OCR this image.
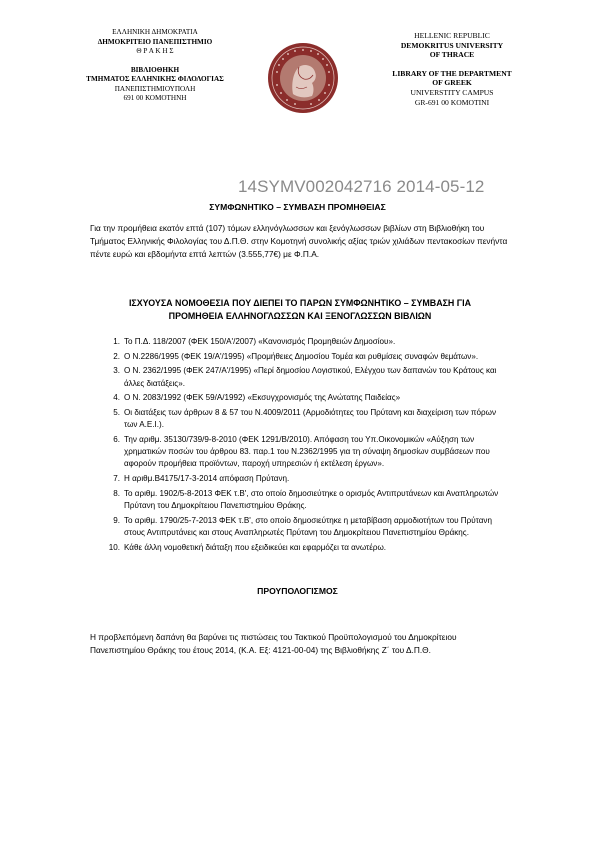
ΕΛΛΗΝΙΚΗ ΔΗΜΟΚΡΑΤΙΑ
ΔΗΜΟΚΡΙΤΕΙΟ ΠΑΝΕΠΙΣΤΗΜΙΟ
Θ Ρ Α Κ Η Σ
ΒΙΒΛΙΟΘΗΚΗ
ΤΜΗΜΑΤΟΣ ΕΛΛΗΝΙΚΗΣ ΦΙΛΟΛΟΓΙΑΣ
ΠΑΝΕΠΙΣΤΗΜΙΟΥΠΟΛΗ
691 00 ΚΟΜΟΤΗΝΗ
HELLENIC REPUBLIC
DEMOKRITUS UNIVERSITY
OF THRACE
LIBRARY OF THE DEPARTMENT
OF GREEK
UNIVERSTITY CAMPUS
GR-691 00 KOMOTINI
14SYMV002042716 2014-05-12
ΣΥΜΦΩΝΗΤΙΚΟ – ΣΥΜΒΑΣΗ ΠΡΟΜΗΘΕΙΑΣ
Για την προμήθεια εκατόν επτά (107) τόμων ελληνόγλωσσων και ξενόγλωσσων βιβλίων στη Βιβλιοθήκη του Τμήματος Ελληνικής Φιλολογίας του Δ.Π.Θ. στην Κομοτηνή συνολικής αξίας τριών χιλιάδων πεντακοσίων πενήντα πέντε ευρώ και εβδομήντα επτά λεπτών (3.555,77€) με Φ.Π.Α.
ΙΣΧΥΟΥΣΑ ΝΟΜΟΘΕΣΙΑ ΠΟΥ ΔΙΕΠΕΙ ΤΟ ΠΑΡΩΝ ΣΥΜΦΩΝΗΤΙΚΟ – ΣΥΜΒΑΣΗ ΓΙΑ ΠΡΟΜΗΘΕΙΑ ΕΛΛΗΝΟΓΛΩΣΣΩΝ ΚΑΙ ΞΕΝΟΓΛΩΣΣΩΝ ΒΙΒΛΙΩΝ
1. Το Π.Δ. 118/2007 (ΦΕΚ 150/Α'/2007) «Κανονισμός Προμηθειών Δημοσίου».
2. Ο Ν.2286/1995 (ΦΕΚ 19/Α'/1995) «Προμήθειες Δημοσίου Τομέα και ρυθμίσεις συναφών θεμάτων».
3. Ο Ν. 2362/1995 (ΦΕΚ 247/Α'/1995) «Περί δημοσίου Λογιστικού, Ελέγχου των δαπανών του Κράτους και άλλες διατάξεις».
4. Ο Ν. 2083/1992 (ΦΕΚ 59/Α/1992) «Εκσυγχρονισμός της Ανώτατης Παιδείας»
5. Οι διατάξεις των άρθρων 8 & 57 του Ν.4009/2011 (Αρμοδιότητες του Πρύτανη και διαχείριση των πόρων των Α.Ε.Ι.).
6. Την αριθμ. 35130/739/9-8-2010 (ΦΕΚ 1291/Β/2010). Απόφαση του Υπ.Οικονομικών «Αύξηση των χρηματικών ποσών του άρθρου 83. παρ.1 του Ν.2362/1995 για τη σύναψη δημοσίων συμβάσεων που αφορούν προμήθεια προϊόντων, παροχή υπηρεσιών ή εκτέλεση έργων».
7. Η αριθμ.Β4175/17-3-2014 απόφαση Πρύτανη.
8. Το αριθμ. 1902/5-8-2013 ΦΕΚ τ.Β', στο οποίο δημοσιεύτηκε ο ορισμός Αντιπρυτάνεων και Αναπληρωτών Πρύτανη του Δημοκρίτειου Πανεπιστημίου Θράκης.
9. Το αριθμ. 1790/25-7-2013 ΦΕΚ τ.Β', στο οποίο δημοσιεύτηκε η μεταβίβαση αρμοδιοτήτων του Πρύτανη στους Αντιπρυτάνεις και στους Αναπληρωτές Πρύτανη του Δημοκρίτειου Πανεπιστημίου Θράκης.
10. Κάθε άλλη νομοθετική διάταξη που εξειδικεύει και εφαρμόζει τα ανωτέρω.
ΠΡΟΥΠΟΛΟΓΙΣΜΟΣ
Η προβλεπόμενη δαπάνη θα βαρύνει τις πιστώσεις του Τακτικού Προϋπολογισμού του Δημοκρίτειου Πανεπιστημίου Θράκης του έτους 2014, (Κ.Α. Εξ: 4121-00-04) της Βιβλιοθήκης Ζ΄ του Δ.Π.Θ.
